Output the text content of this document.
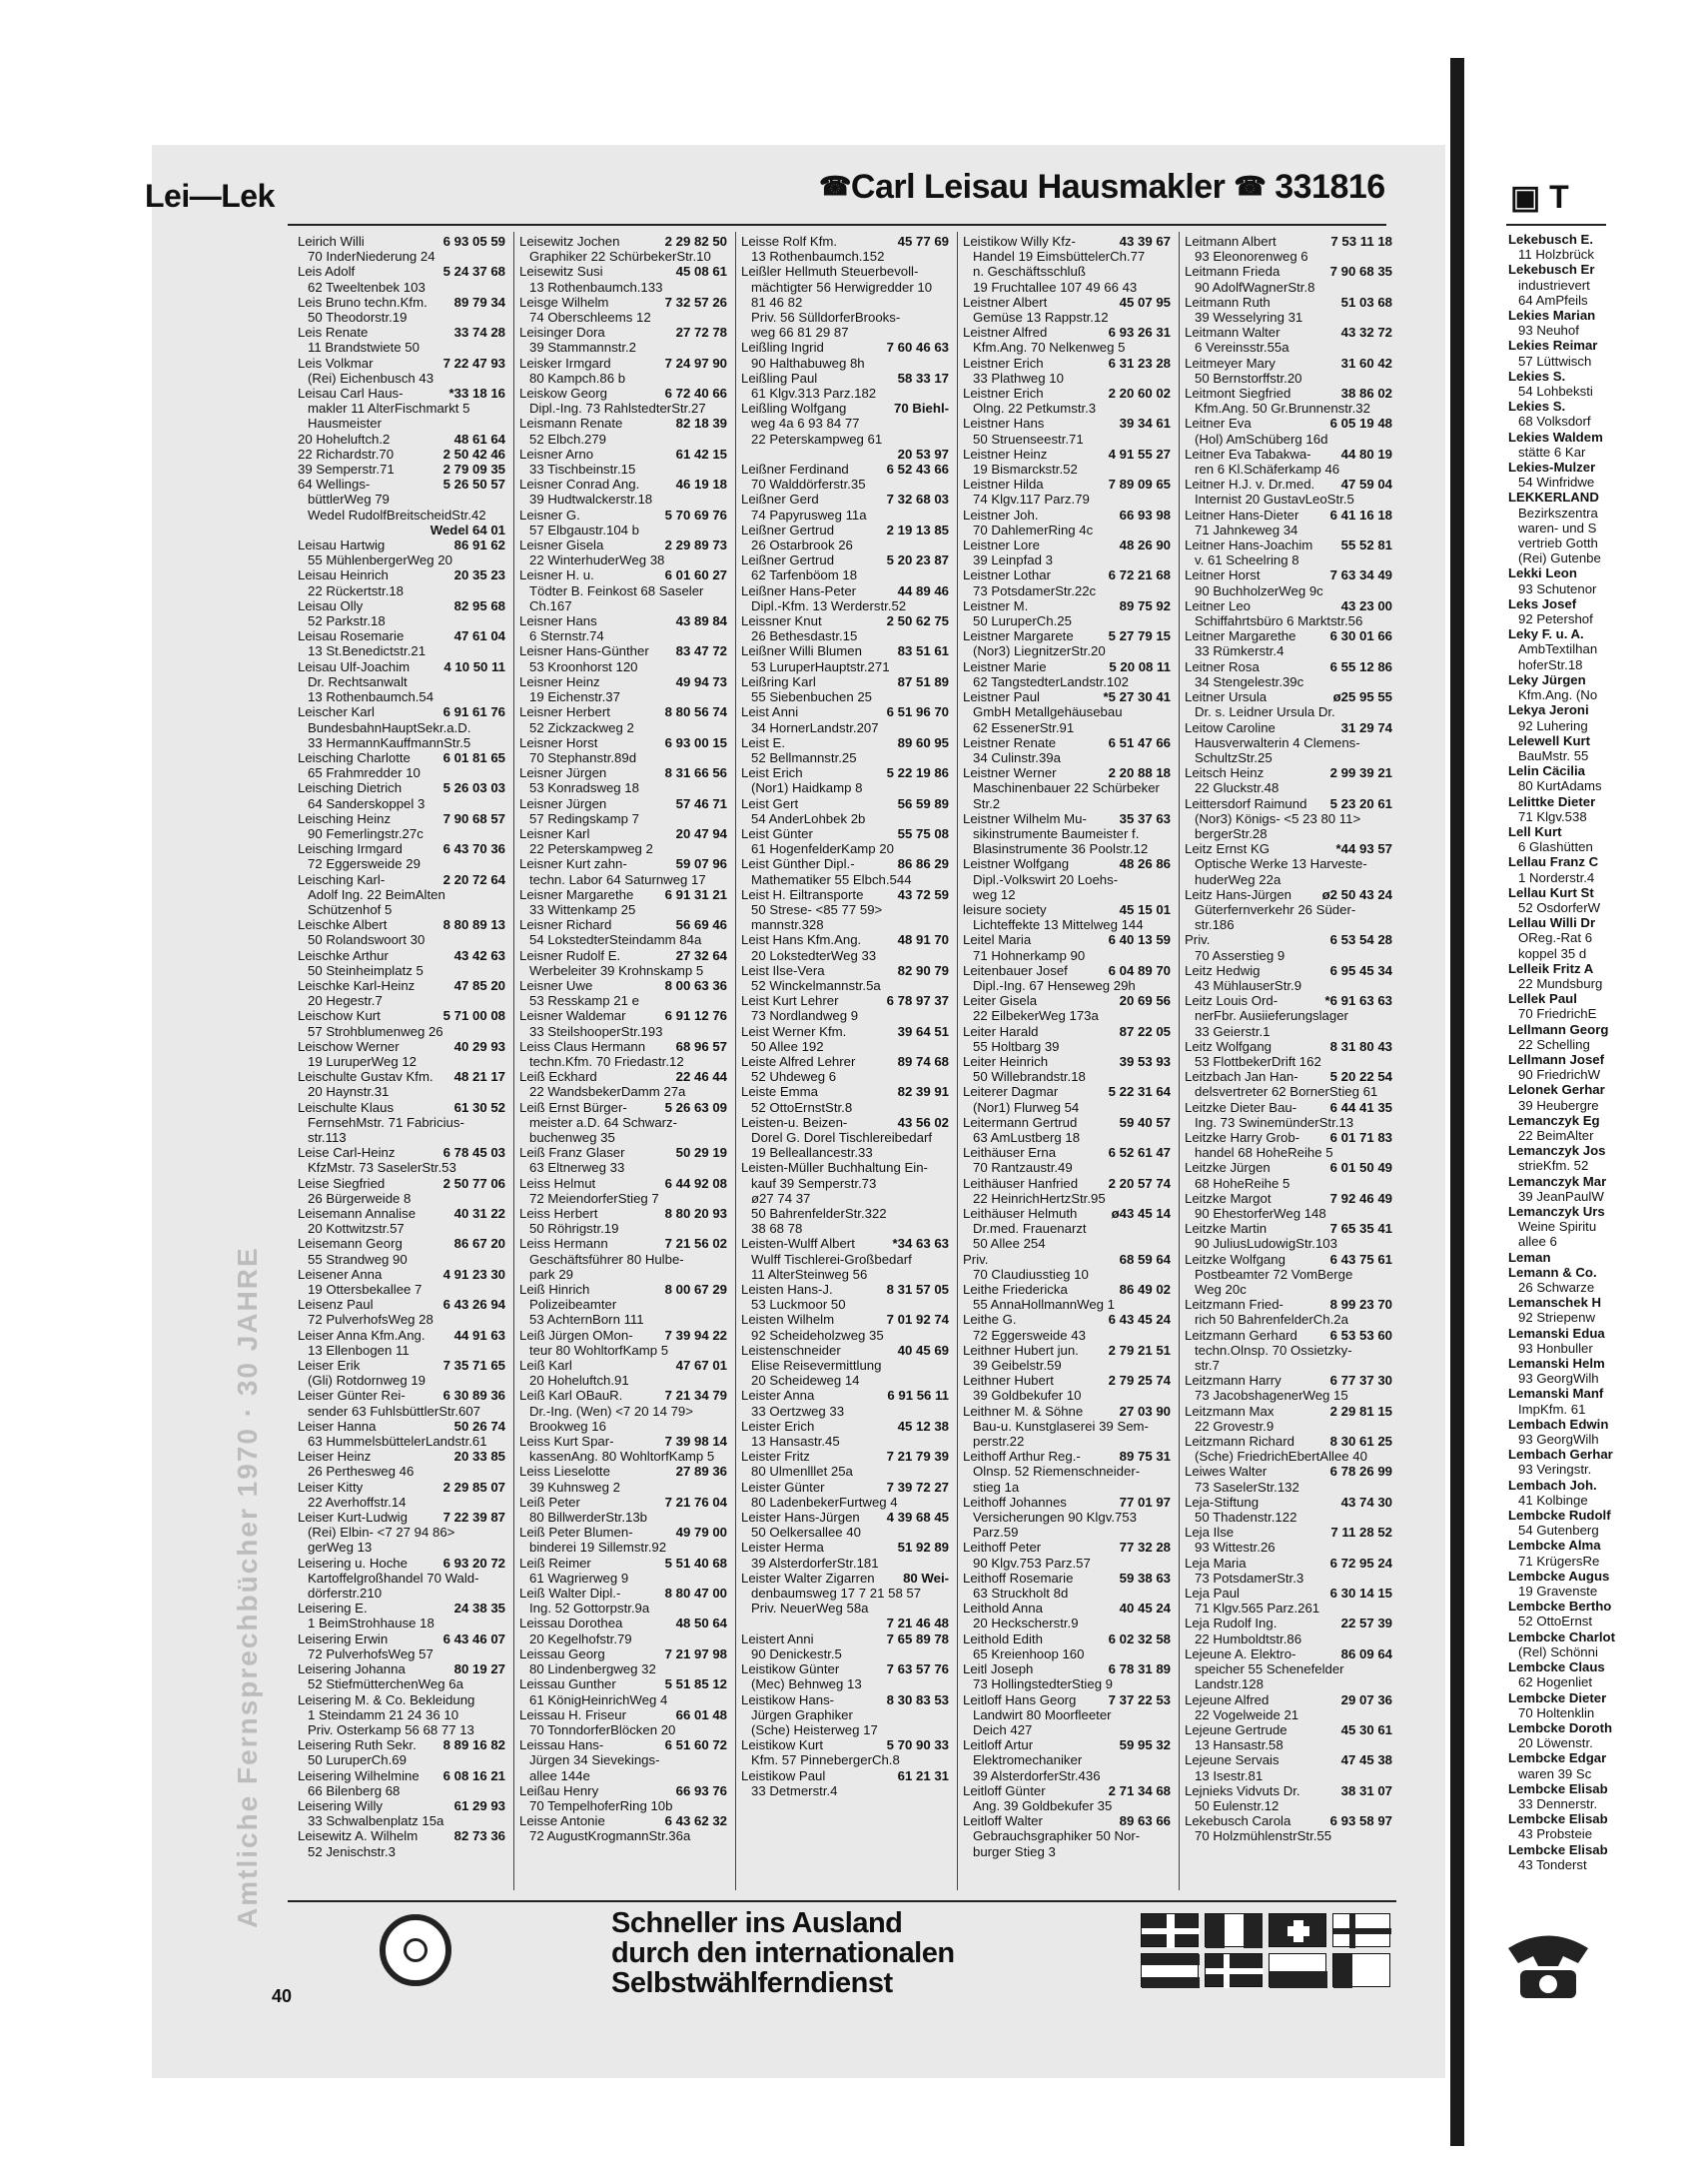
Lei—Lek	☎Carl Leisau Hausmakler ☎ 331816
Amtliche Fernsprechbücher 1970 · 30 JAHRE
Leirich Willi	6 93 05 59
70 InderNiederung 24
Leis Adolf	5 24 37 68
62 Tweeltenbek 103
Leis Bruno techn.Kfm.	89 79 34
50 Theodorstr.19
Leis Renate	33 74 28
11 Brandstwiete 50
Leis Volkmar	7 22 47 93
(Rei) Eichenbusch 43
Leisau Carl Haus-	*33 18 16
makler 11 AlterFischmarkt 5
Hausmeister
20 Hoheluftch.2	48 61 64
22 Richardstr.70	2 50 42 46
39 Semperstr.71	2 79 09 35
64 Wellings-	5 26 50 57
büttlerWeg 79
Wedel RudolfBreitscheidStr.42
Wedel 64 01
Leisau Hartwig	86 91 62
55 MühlenbergerWeg 20
Leisau Heinrich	20 35 23
22 Rückertstr.18
Leisau Olly	82 95 68
52 Parkstr.18
Leisau Rosemarie	47 61 04
13 St.Benedictstr.21
Leisau Ulf-Joachim	4 10 50 11
Dr. Rechtsanwalt
13 Rothenbaumch.54
Leischer Karl	6 91 61 76
BundesbahnHauptSekr.a.D.
33 HermannKauffmannStr.5
Leisching Charlotte	6 01 81 65
65 Frahmredder 10
Leisching Dietrich	5 26 03 03
64 Sanderskoppel 3
Leisching Heinz	7 90 68 57
90 Femerlingstr.27c
Leisching Irmgard	6 43 70 36
72 Eggersweide 29
Leisching Karl-	2 20 72 64
Adolf Ing. 22 BeimAlten
Schützenhof 5
Leischke Albert	8 80 89 13
50 Rolandswoort 30
Leischke Arthur	43 42 63
50 Steinheimplatz 5
Leischke Karl-Heinz	47 85 20
20 Hegestr.7
Leischow Kurt	5 71 00 08
57 Strohblumenweg 26
Leischow Werner	40 29 93
19 LuruperWeg 12
Leischulte Gustav Kfm.	48 21 17
20 Haynstr.31
Leischulte Klaus	61 30 52
FernsehMstr. 71 Fabricius-
str.113
Leise Carl-Heinz	6 78 45 03
KfzMstr. 73 SaselerStr.53
Leise Siegfried	2 50 77 06
26 Bürgerweide 8
Leisemann Annalise	40 31 22
20 Kottwitzstr.57
Leisemann Georg	86 67 20
55 Strandweg 90
Leisener Anna	4 91 23 30
19 Ottersbekallee 7
Leisenz Paul	6 43 26 94
72 PulverhofsWeg 28
Leiser Anna Kfm.Ang.	44 91 63
13 Ellenbogen 11
Leiser Erik	7 35 71 65
(Gli) Rotdornweg 19
Leiser Günter Rei-	6 30 89 36
sender 63 FuhlsbüttlerStr.607
Leiser Hanna	50 26 74
63 HummelsbüttelerLandstr.61
Leiser Heinz	20 33 85
26 Perthesweg 46
Leiser Kitty	2 29 85 07
22 Averhoffstr.14
Leiser Kurt-Ludwig	7 22 39 87
(Rei) Elbin- <7 27 94 86>
gerWeg 13
Leisering u. Hoche	6 93 20 72
Kartoffelgroßhandel 70 Wald-
dörferstr.210
Leisering E.	24 38 35
1 BeimStrohhause 18
Leisering Erwin	6 43 46 07
72 PulverhofsWeg 57
Leisering Johanna	80 19 27
52 StiefmütterchenWeg 6a
Leisering M. & Co. Bekleidung
1 Steindamm 21 24 36 10
Priv. Osterkamp 56 68 77 13
Leisering Ruth Sekr.	8 89 16 82
50 LuruperCh.69
Leisering Wilhelmine	6 08 16 21
66 Bilenberg 68
Leisering Willy	61 29 93
33 Schwalbenplatz 15a
Leisewitz A. Wilhelm	82 73 36
52 Jenischstr.3
Leisewitz Jochen	2 29 82 50
Graphiker 22 SchürbekerStr.10
Leisewitz Susi	45 08 61
13 Rothenbaumch.133
Leisge Wilhelm	7 32 57 26
74 Oberschleems 12
Leisinger Dora	27 72 78
39 Stammannstr.2
Leisker Irmgard	7 24 97 90
80 Kampch.86 b
Leiskow Georg	6 72 40 66
Dipl.-Ing. 73 RahlstedterStr.27
Leismann Renate	82 18 39
52 Elbch.279
Leisner Arno	61 42 15
33 Tischbeinstr.15
Leisner Conrad Ang.	46 19 18
39 Hudtwalckerstr.18
Leisner G.	5 70 69 76
57 Elbgaustr.104 b
Leisner Gisela	2 29 89 73
22 WinterhuderWeg 38
Leisner H. u.	6 01 60 27
Tödter B. Feinkost 68 Saseler
Ch.167
Leisner Hans	43 89 84
6 Sternstr.74
Leisner Hans-Günther	83 47 72
53 Kroonhorst 120
Leisner Heinz	49 94 73
19 Eichenstr.37
Leisner Herbert	8 80 56 74
52 Zickzackweg 2
Leisner Horst	6 93 00 15
70 Stephanstr.89d
Leisner Jürgen	8 31 66 56
53 Konradsweg 18
Leisner Jürgen	57 46 71
57 Redingskamp 7
Leisner Karl	20 47 94
22 Peterskampweg 2
Leisner Kurt zahn-	59 07 96
techn. Labor 64 Saturnweg 17
Leisner Margarethe	6 91 31 21
33 Wittenkamp 25
Leisner Richard	56 69 46
54 LokstedterSteindamm 84a
Leisner Rudolf E.	27 32 64
Werbeleiter 39 Krohnskamp 5
Leisner Uwe	8 00 63 36
53 Resskamp 21 e
Leisner Waldemar	6 91 12 76
33 SteilshooperStr.193
Leiss Claus Hermann	68 96 57
techn.Kfm. 70 Friedastr.12
Leiß Eckhard	22 46 44
22 WandsbekerDamm 27a
Leiß Ernst Bürger-	5 26 63 09
meister a.D. 64 Schwarz-
buchenweg 35
Leiß Franz Glaser	50 29 19
63 Eltnerweg 33
Leiss Helmut	6 44 92 08
72 MeiendorferStieg 7
Leiss Herbert	8 80 20 93
50 Röhrigstr.19
Leiss Hermann	7 21 56 02
Geschäftsführer 80 Hulbe-
park 29
Leiß Hinrich	8 00 67 29
Polizeibeamter
53 AchternBorn 111
Leiß Jürgen OMon-	7 39 94 22
teur 80 WohltorfKamp 5
Leiß Karl	47 67 01
20 Hoheluftch.91
Leiß Karl OBauR.	7 21 34 79
Dr.-Ing. (Wen) <7 20 14 79>
Brookweg 16
Leiss Kurt Spar-	7 39 98 14
kassenAng. 80 WohltorfKamp 5
Leiss Lieselotte	27 89 36
39 Kuhnsweg 2
Leiß Peter	7 21 76 04
80 BillwerderStr.13b
Leiß Peter Blumen-	49 79 00
binderei 19 Sillemstr.92
Leiß Reimer	5 51 40 68
61 Wagrierweg 9
Leiß Walter Dipl.-	8 80 47 00
Ing. 52 Gottorpstr.9a
Leissau Dorothea	48 50 64
20 Kegelhofstr.79
Leissau Georg	7 21 97 98
80 Lindenbergweg 32
Leissau Gunther	5 51 85 12
61 KönigHeinrichWeg 4
Leissau H. Friseur	66 01 48
70 TonndorferBlöcken 20
Leissau Hans-	6 51 60 72
Jürgen 34 Sievekings-
allee 144e
Leißau Henry	66 93 76
70 TempelhoferRing 10b
Leisse Antonie	6 43 62 32
72 AugustKrogmannStr.36a
Leisse Rolf Kfm.	45 77 69
13 Rothenbaumch.152
Leißler Hellmuth Steuerbevoll-
mächtigter 56 Herwigredder 10
81 46 82
Priv. 56 SülldorferBrooks-
weg 66 81 29 87
Leißling Ingrid	7 60 46 63
90 Halthabuweg 8h
Leißling Paul	58 33 17
61 Klgv.313 Parz.182
Leißling Wolfgang	70 Biehl-
weg 4a 6 93 84 77
22 Peterskampweg 61
20 53 97
Leißner Ferdinand	6 52 43 66
70 Walddörferstr.35
Leißner Gerd	7 32 68 03
74 Papyrusweg 11a
Leißner Gertrud	2 19 13 85
26 Ostarbrook 26
Leißner Gertrud	5 20 23 87
62 Tarfenböom 18
Leißner Hans-Peter	44 89 46
Dipl.-Kfm. 13 Werderstr.52
Leissner Knut	2 50 62 75
26 Bethesdastr.15
Leißner Willi Blumen	83 51 61
53 LuruperHauptstr.271
Leißring Karl	87 51 89
55 Siebenbuchen 25
Leist Anni	6 51 96 70
34 HornerLandstr.207
Leist E.	89 60 95
52 Bellmannstr.25
Leist Erich	5 22 19 86
(Nor1) Haidkamp 8
Leist Gert	56 59 89
54 AnderLohbek 2b
Leist Günter	55 75 08
61 HogenfelderKamp 20
Leist Günther Dipl.-	86 86 29
Mathematiker 55 Elbch.544
Leist H. Eiltransporte	43 72 59
50 Strese- <85 77 59>
mannstr.328
Leist Hans Kfm.Ang.	48 91 70
20 LokstedterWeg 33
Leist Ilse-Vera	82 90 79
52 Winckelmannstr.5a
Leist Kurt Lehrer	6 78 97 37
73 Nordlandweg 9
Leist Werner Kfm.	39 64 51
50 Allee 192
Leiste Alfred Lehrer	89 74 68
52 Uhdeweg 6
Leiste Emma	82 39 91
52 OttoErnstStr.8
Leisten-u. Beizen-	43 56 02
Dorel G. Dorel Tischlereibedarf
19 Belleallancestr.33
Leisten-Müller Buchhaltung Ein-
kauf 39 Semperstr.73
ø27 74 37
50 BahrenfelderStr.322
38 68 78
Leisten-Wulff Albert	*34 63 63
Wulff Tischlerei-Großbedarf
11 AlterSteinweg 56
Leisten Hans-J.	8 31 57 05
53 Luckmoor 50
Leisten Wilhelm	7 01 92 74
92 Scheideholzweg 35
Leistenschneider	40 45 69
Elise Reisevermittlung
20 Scheideweg 14
Leister Anna	6 91 56 11
33 Oertzweg 33
Leister Erich	45 12 38
13 Hansastr.45
Leister Fritz	7 21 79 39
80 Ulmenlllet 25a
Leister Günter	7 39 72 27
80 LadenbekerFurtweg 4
Leister Hans-Jürgen	4 39 68 45
50 Oelkersallee 40
Leister Herma	51 92 89
39 AlsterdorferStr.181
Leister Walter Zigarren	80 Wei-
denbaumsweg 17 7 21 58 57
Priv. NeuerWeg 58a
7 21 46 48
Leistert Anni	7 65 89 78
90 Denickestr.5
Leistikow Günter	7 63 57 76
(Mec) Behnweg 13
Leistikow Hans-	8 30 83 53
Jürgen Graphiker
(Sche) Heisterweg 17
Leistikow Kurt	5 70 90 33
Kfm. 57 PinnebergerCh.8
Leistikow Paul	61 21 31
33 Detmerstr.4
Leistikow Willy Kfz-	43 39 67
Handel 19 EimsbüttelerCh.77
n. Geschäftsschluß
19 Fruchtallee 107 49 66 43
Leistner Albert	45 07 95
Gemüse 13 Rappstr.12
Leistner Alfred	6 93 26 31
Kfm.Ang. 70 Nelkenweg 5
Leistner Erich	6 31 23 28
33 Plathweg 10
Leistner Erich	2 20 60 02
Olng. 22 Petkumstr.3
Leistner Hans	39 34 61
50 Struenseestr.71
Leistner Heinz	4 91 55 27
19 Bismarckstr.52
Leistner Hilda	7 89 09 65
74 Klgv.117 Parz.79
Leistner Joh.	66 93 98
70 DahlemerRing 4c
Leistner Lore	48 26 90
39 Leinpfad 3
Leistner Lothar	6 72 21 68
73 PotsdamerStr.22c
Leistner M.	89 75 92
50 LuruperCh.25
Leistner Margarete	5 27 79 15
(Nor3) LiegnitzerStr.20
Leistner Marie	5 20 08 11
62 TangstedterLandstr.102
Leistner Paul	*5 27 30 41
GmbH Metallgehäusebau
62 EssenerStr.91
Leistner Renate	6 51 47 66
34 Culinstr.39a
Leistner Werner	2 20 88 18
Maschinenbauer 22 Schürbeker
Str.2
Leistner Wilhelm Mu-	35 37 63
sikinstrumente Baumeister f.
Blasinstrumente 36 Poolstr.12
Leistner Wolfgang	48 26 86
Dipl.-Volkswirt 20 Loehs-
weg 12
leisure society	45 15 01
Lichteffekte 13 Mittelweg 144
Leitel Maria	6 40 13 59
71 Hohnerkamp 90
Leitenbauer Josef	6 04 89 70
Dipl.-Ing. 67 Henseweg 29h
Leiter Gisela	20 69 56
22 EilbekerWeg 173a
Leiter Harald	87 22 05
55 Holtbarg 39
Leiter Heinrich	39 53 93
50 Willebrandstr.18
Leiterer Dagmar	5 22 31 64
(Nor1) Flurweg 54
Leitermann Gertrud	59 40 57
63 AmLustberg 18
Leithäuser Erna	6 52 61 47
70 Rantzaustr.49
Leithäuser Hanfried	2 20 57 74
22 HeinrichHertzStr.95
Leithäuser Helmuth	ø43 45 14
Dr.med. Frauenarzt
50 Allee 254
Priv.	68 59 64
70 Claudiusstieg 10
Leithe Friedericka	86 49 02
55 AnnaHollmannWeg 1
Leithe G.	6 43 45 24
72 Eggersweide 43
Leithner Hubert jun.	2 79 21 51
39 Geibelstr.59
Leithner Hubert	2 79 25 74
39 Goldbekufer 10
Leithner M. & Söhne	27 03 90
Bau-u. Kunstglaserei 39 Sem-
perstr.22
Leithoff Arthur Reg.-	89 75 31
Olnsp. 52 Riemenschneider-
stieg 1a
Leithoff Johannes	77 01 97
Versicherungen 90 Klgv.753
Parz.59
Leithoff Peter	77 32 28
90 Klgv.753 Parz.57
Leithoff Rosemarie	59 38 63
63 Struckholt 8d
Leithold Anna	40 45 24
20 Heckscherstr.9
Leithold Edith	6 02 32 58
65 Kreienhoop 160
Leitl Joseph	6 78 31 89
73 HollingstedterStieg 9
Leitloff Hans Georg	7 37 22 53
Landwirt 80 Moorfleeter
Deich 427
Leitloff Artur	59 95 32
Elektromechaniker
39 AlsterdorferStr.436
Leitloff Günter	2 71 34 68
Ang. 39 Goldbekufer 35
Leitloff Walter	89 63 66
Gebrauchsgraphiker 50 Nor-
burger Stieg 3
Leitmann Albert	7 53 11 18
93 Eleonorenweg 6
Leitmann Frieda	7 90 68 35
90 AdolfWagnerStr.8
Leitmann Ruth	51 03 68
39 Wesselyring 31
Leitmann Walter	43 32 72
6 Vereinsstr.55a
Leitmeyer Mary	31 60 42
50 Bernstorffstr.20
Leitmont Siegfried	38 86 02
Kfm.Ang. 50 Gr.Brunnenstr.32
Leitner Eva	6 05 19 48
(Hol) AmSchüberg 16d
Leitner Eva Tabakwa-	44 80 19
ren 6 Kl.Schäferkamp 46
Leitner H.J. v. Dr.med.	47 59 04
Internist 20 GustavLeoStr.5
Leitner Hans-Dieter	6 41 16 18
71 Jahnkeweg 34
Leitner Hans-Joachim	55 52 81
v. 61 Scheelring 8
Leitner Horst	7 63 34 49
90 BuchholzerWeg 9c
Leitner Leo	43 23 00
Schiffahrtsbüro 6 Marktstr.56
Leitner Margarethe	6 30 01 66
33 Rümkerstr.4
Leitner Rosa	6 55 12 86
34 Stengelestr.39c
Leitner Ursula	ø25 95 55
Dr. s. Leidner Ursula Dr.
Leitow Caroline	31 29 74
Hausverwalterin 4 Clemens-
SchultzStr.25
Leitsch Heinz	2 99 39 21
22 Gluckstr.48
Leittersdorf Raimund	5 23 20 61
(Nor3) Königs- <5 23 80 11>
bergerStr.28
Leitz Ernst KG	*44 93 57
Optische Werke 13 Harveste-
huderWeg 22a
Leitz Hans-Jürgen	ø2 50 43 24
Güterfernverkehr 26 Süder-
str.186
Priv.	6 53 54 28
70 Asserstieg 9
Leitz Hedwig	6 95 45 34
43 MühlauserStr.9
Leitz Louis Ord-	*6 91 63 63
nerFbr. Ausiieferungslager
33 Geierstr.1
Leitz Wolfgang	8 31 80 43
53 FlottbekerDrift 162
Leitzbach Jan Han-	5 20 22 54
delsvertreter 62 BornerStieg 61
Leitzke Dieter Bau-	6 44 41 35
Ing. 73 SwinemünderStr.13
Leitzke Harry Grob-	6 01 71 83
handel 68 HoheReihe 5
Leitzke Jürgen	6 01 50 49
68 HoheReihe 5
Leitzke Margot	7 92 46 49
90 EhestorferWeg 148
Leitzke Martin	7 65 35 41
90 JuliusLudowigStr.103
Leitzke Wolfgang	6 43 75 61
Postbeamter 72 VomBerge
Weg 20c
Leitzmann Fried-	8 99 23 70
rich 50 BahrenfelderCh.2a
Leitzmann Gerhard	6 53 53 60
techn.Olnsp. 70 Ossietzky-
str.7
Leitzmann Harry	6 77 37 30
73 JacobshagenerWeg 15
Leitzmann Max	2 29 81 15
22 Grovestr.9
Leitzmann Richard	8 30 61 25
(Sche) FriedrichEbertAllee 40
Leiwes Walter	6 78 26 99
73 SaselerStr.132
Leja-Stiftung	43 74 30
50 Thadenstr.122
Leja Ilse	7 11 28 52
93 Wittestr.26
Leja Maria	6 72 95 24
73 PotsdamerStr.3
Leja Paul	6 30 14 15
71 Klgv.565 Parz.261
Leja Rudolf Ing.	22 57 39
22 Humboldtstr.86
Lejeune A. Elektro-	86 09 64
speicher 55 Schenefelder
Landstr.128
Lejeune Alfred	29 07 36
22 Vogelweide 21
Lejeune Gertrude	45 30 61
13 Hansastr.58
Lejeune Servais	47 45 38
13 Isestr.81
Lejnieks Vidvuts Dr.	38 31 07
50 Eulenstr.12
Lekebusch Carola	6 93 58 97
70 HolzmühlenstrStr.55
Schneller ins Ausland
durch den internationalen
Selbstwählferndienst
40
▣ T
Lekebusch E.
11 Holzbrück
Lekebusch Er
industrievert
64 AmPfeils
Lekies Marian
93 Neuhof
Lekies Reimar
57 Lüttwisch
Lekies S.
54 Lohbeksti
Lekies S.
68 Volksdorf
Lekies Waldem
stätte 6 Kar
Lekies-Mulzer
54 Winfridwe
LEKKERLAND
Bezirkszentra
waren- und S
vertrieb Gotth
(Rei) Gutenbe
Lekki Leon
93 Schutenor
Leks Josef
92 Petershof
Leky F. u. A.
AmbTextilhan
hoferStr.18
Leky Jürgen
Kfm.Ang. (No
Lekya Jeroni
92 Luhering
Lelewell Kurt
BauMstr. 55
Lelin Cäcilia
80 KurtAdams
Lelittke Dieter
71 Klgv.538
Lell Kurt
6 Glashütten
Lellau Franz C
1 Norderstr.4
Lellau Kurt St
52 OsdorferW
Lellau Willi Dr
OReg.-Rat 6
koppel 35 d
Lelleik Fritz A
22 Mundsburg
Lellek Paul
70 FriedrichE
Lellmann Georg
22 Schelling
Lellmann Josef
90 FriedrichW
Lelonek Gerhar
39 Heubergre
Lemanczyk Eg
22 BeimAlter
Lemanczyk Jos
strieKfm. 52
Lemanczyk Mar
39 JeanPaulW
Lemanczyk Urs
Weine Spiritu
allee 6
Leman
Lemann & Co.
26 Schwarze
Lemanschek H
92 Striepenw
Lemanski Edua
93 Honbuller
Lemanski Helm
93 GeorgWilh
Lemanski Manf
ImpKfm. 61
Lembach Edwin
93 GeorgWilh
Lembach Gerhar
93 Veringstr.
Lembach Joh.
41 Kolbinge
Lembcke Rudolf
54 Gutenberg
Lembcke Alma
71 KrügersRe
Lembcke Augus
19 Gravenste
Lembcke Bertho
52 OttoErnst
Lembcke Charlot
(Rel) Schönni
Lembcke Claus
62 Hogenliet
Lembcke Dieter
70 Holtenklin
Lembcke Doroth
20 Löwenstr.
Lembcke Edgar
waren 39 Sc
Lembcke Elisab
33 Dennerstr.
Lembcke Elisab
43 Probsteie
Lembcke Elisab
43 Tonderst
